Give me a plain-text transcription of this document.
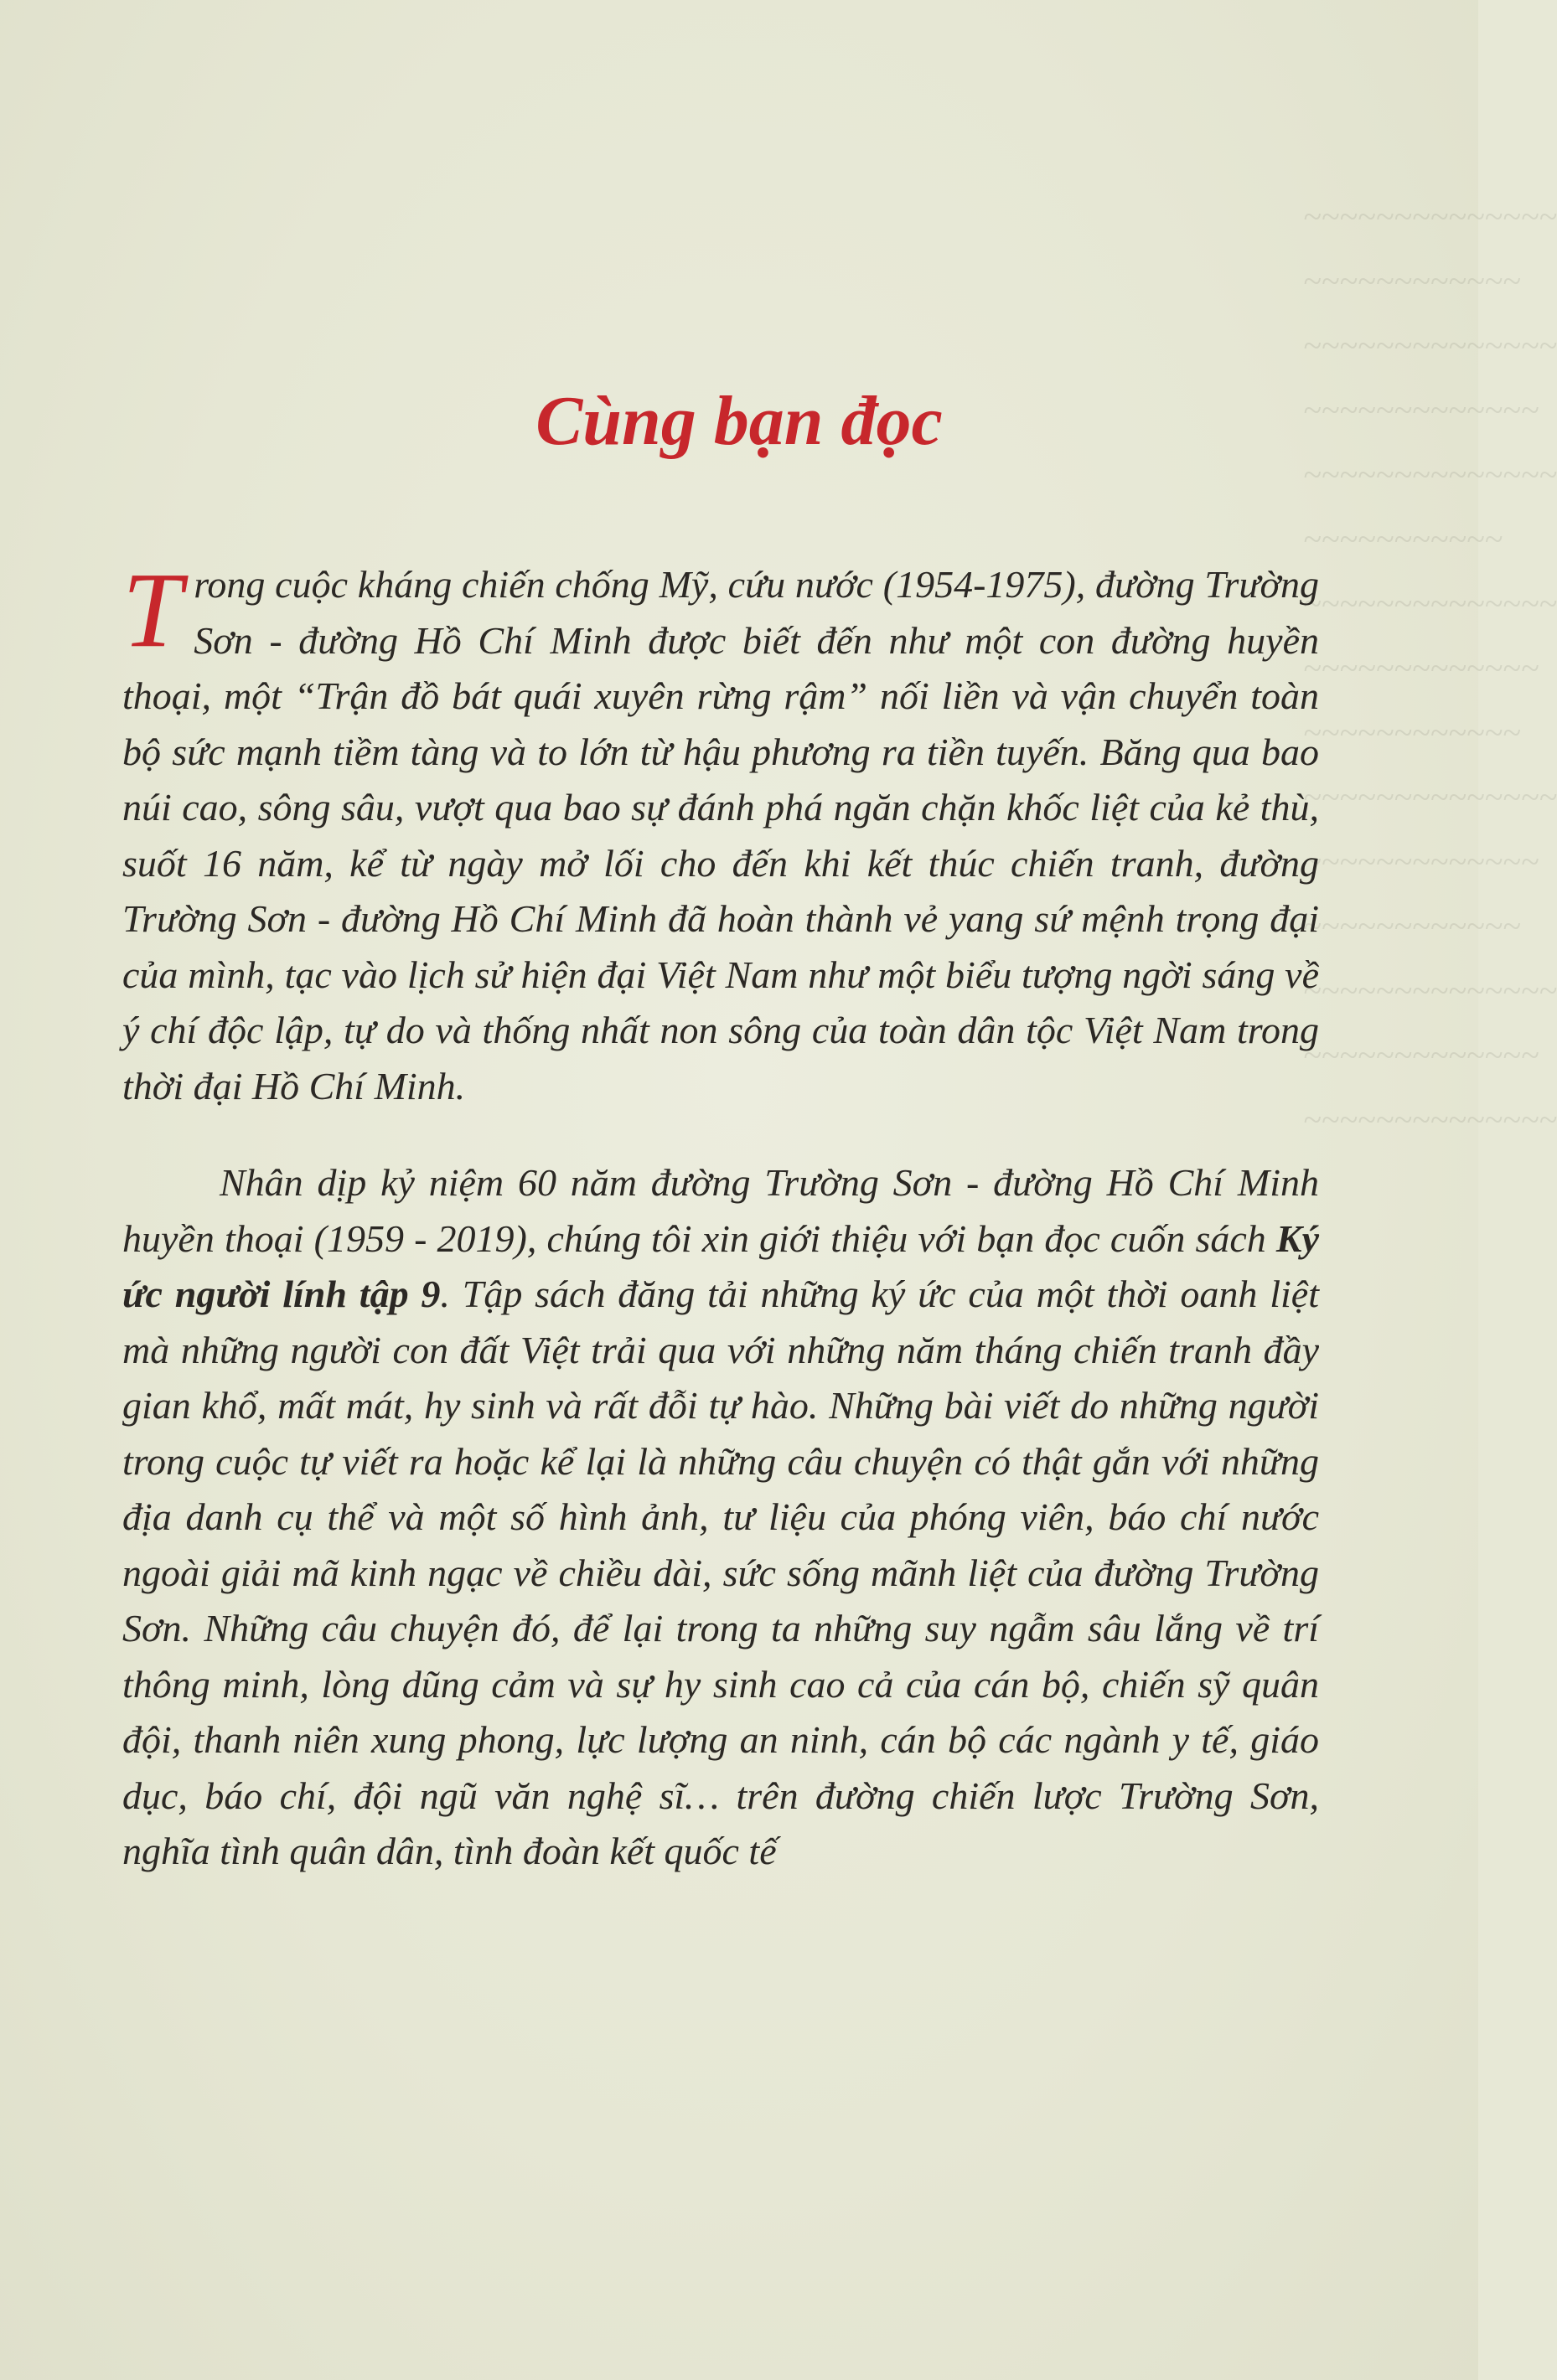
~~~~~~~~~~~~~~
~~~~~~~~~~~~
~~~~~~~~~~~~~~
~~~~~~~~~~~~~
~~~~~~~~~~~~~~
~~~~~~~~~~~
~~~~~~~~~~~~~~
~~~~~~~~~~~~~
~~~~~~~~~~~~
~~~~~~~~~~~~~~
~~~~~~~~~~~~~
~~~~~~~~~~~~
~~~~~~~~~~~~~~
~~~~~~~~~~~~~
~~~~~~~~~~~~~~
Cùng bạn đọc

Trong cuộc kháng chiến chống Mỹ, cứu nước (1954-1975), đường Trường Sơn - đường Hồ Chí Minh được biết đến như một con đường huyền thoại, một “Trận đồ bát quái xuyên rừng rậm” nối liền và vận chuyển toàn bộ sức mạnh tiềm tàng và to lớn từ hậu phương ra tiền tuyến. Băng qua bao núi cao, sông sâu, vượt qua bao sự đánh phá ngăn chặn khốc liệt của kẻ thù, suốt 16 năm, kể từ ngày mở lối cho đến khi kết thúc chiến tranh, đường Trường Sơn - đường Hồ Chí Minh đã hoàn thành vẻ yang sứ mệnh trọng đại của mình, tạc vào lịch sử hiện đại Việt Nam như một biểu tượng ngời sáng về ý chí độc lập, tự do và thống nhất non sông của toàn dân tộc Việt Nam trong thời đại Hồ Chí Minh.

Nhân dịp kỷ niệm 60 năm đường Trường Sơn - đường Hồ Chí Minh huyền thoại (1959 - 2019), chúng tôi xin giới thiệu với bạn đọc cuốn sách Ký ức người lính tập 9. Tập sách đăng tải những ký ức của một thời oanh liệt mà những người con đất Việt trải qua với những năm tháng chiến tranh đầy gian khổ, mất mát, hy sinh và rất đỗi tự hào. Những bài viết do những người trong cuộc tự viết ra hoặc kể lại là những câu chuyện có thật gắn với những địa danh cụ thể và một số hình ảnh, tư liệu của phóng viên, báo chí nước ngoài giải mã kinh ngạc về chiều dài, sức sống mãnh liệt của đường Trường Sơn. Những câu chuyện đó, để lại trong ta những suy ngẫm sâu lắng về trí thông minh, lòng dũng cảm và sự hy sinh cao cả của cán bộ, chiến sỹ quân đội, thanh niên xung phong, lực lượng an ninh, cán bộ các ngành y tế, giáo dục, báo chí, đội ngũ văn nghệ sĩ… trên đường chiến lược Trường Sơn, nghĩa tình quân dân, tình đoàn kết quốc tế
